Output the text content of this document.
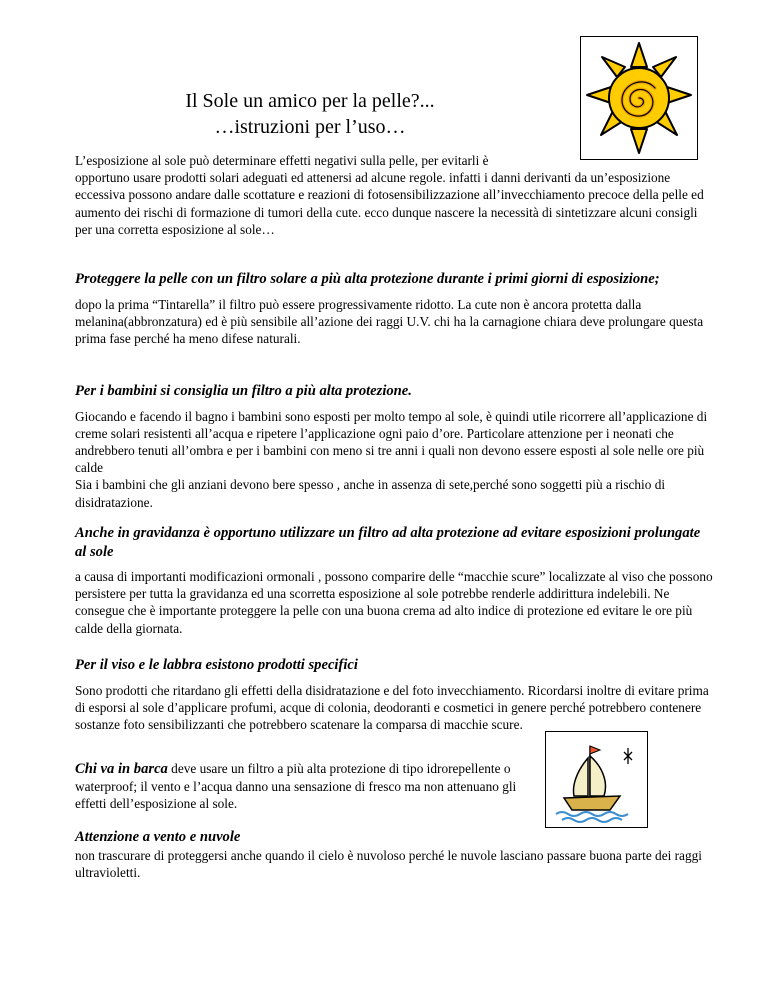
Il Sole un amico per la pelle?...
…istruzioni per l’uso…
L’esposizione al sole può determinare effetti negativi sulla pelle, per evitarli è
opportuno usare prodotti solari adeguati ed attenersi ad alcune regole. infatti i danni derivanti da un’esposizione eccessiva possono andare dalle scottature e reazioni di fotosensibilizzazione all’invecchiamento precoce della pelle ed aumento dei rischi di formazione di tumori della cute. ecco dunque nascere la necessità di sintetizzare alcuni consigli per una corretta esposizione al sole…
Proteggere la pelle con un filtro solare a più alta protezione durante i primi giorni di esposizione;

dopo la prima “Tintarella” il filtro può essere progressivamente ridotto. La cute non è ancora protetta dalla melanina(abbronzatura) ed è più sensibile all’azione dei raggi U.V. chi ha la carnagione chiara deve prolungare questa prima fase perché ha meno difese naturali.

Per i bambini si consiglia un filtro a più alta protezione.

Giocando e facendo il bagno i bambini sono esposti per molto tempo al sole, è quindi utile ricorrere all’applicazione di creme solari resistenti all’acqua e ripetere l’applicazione ogni paio d’ore. Particolare attenzione per i neonati che andrebbero tenuti all’ombra e per i bambini con meno si tre anni i quali non devono essere esposti al sole nelle ore più calde

Sia i bambini che gli anziani devono bere spesso , anche in assenza di sete,perché sono soggetti più a rischio di disidratazione.

Anche in gravidanza è opportuno utilizzare un filtro ad alta protezione ad evitare esposizioni prolungate al sole

a causa di importanti modificazioni ormonali , possono comparire delle “macchie scure” localizzate al viso che possono persistere per tutta la gravidanza ed una scorretta esposizione al sole potrebbe renderle addirittura indelebili. Ne consegue che è importante proteggere la pelle con una buona crema ad alto indice di protezione ed evitare le ore più calde della giornata.

Per il viso e le labbra esistono prodotti specifici

Sono prodotti che ritardano gli effetti della disidratazione e del foto invecchiamento. Ricordarsi inoltre di evitare prima di esporsi al sole d’applicare profumi, acque di colonia, deodoranti e cosmetici in genere perché potrebbero contenere sostanze foto sensibilizzanti che potrebbero scatenare la comparsa di macchie scure.

Chi va in barca deve usare un filtro a più alta protezione di tipo idrorepellente o waterproof; il vento e l’acqua danno una sensazione di fresco ma non attenuano gli effetti dell’esposizione al sole.

Attenzione a vento e nuvole

non trascurare di proteggersi anche quando il cielo è nuvoloso perché le nuvole lasciano passare buona parte dei raggi ultravioletti.
